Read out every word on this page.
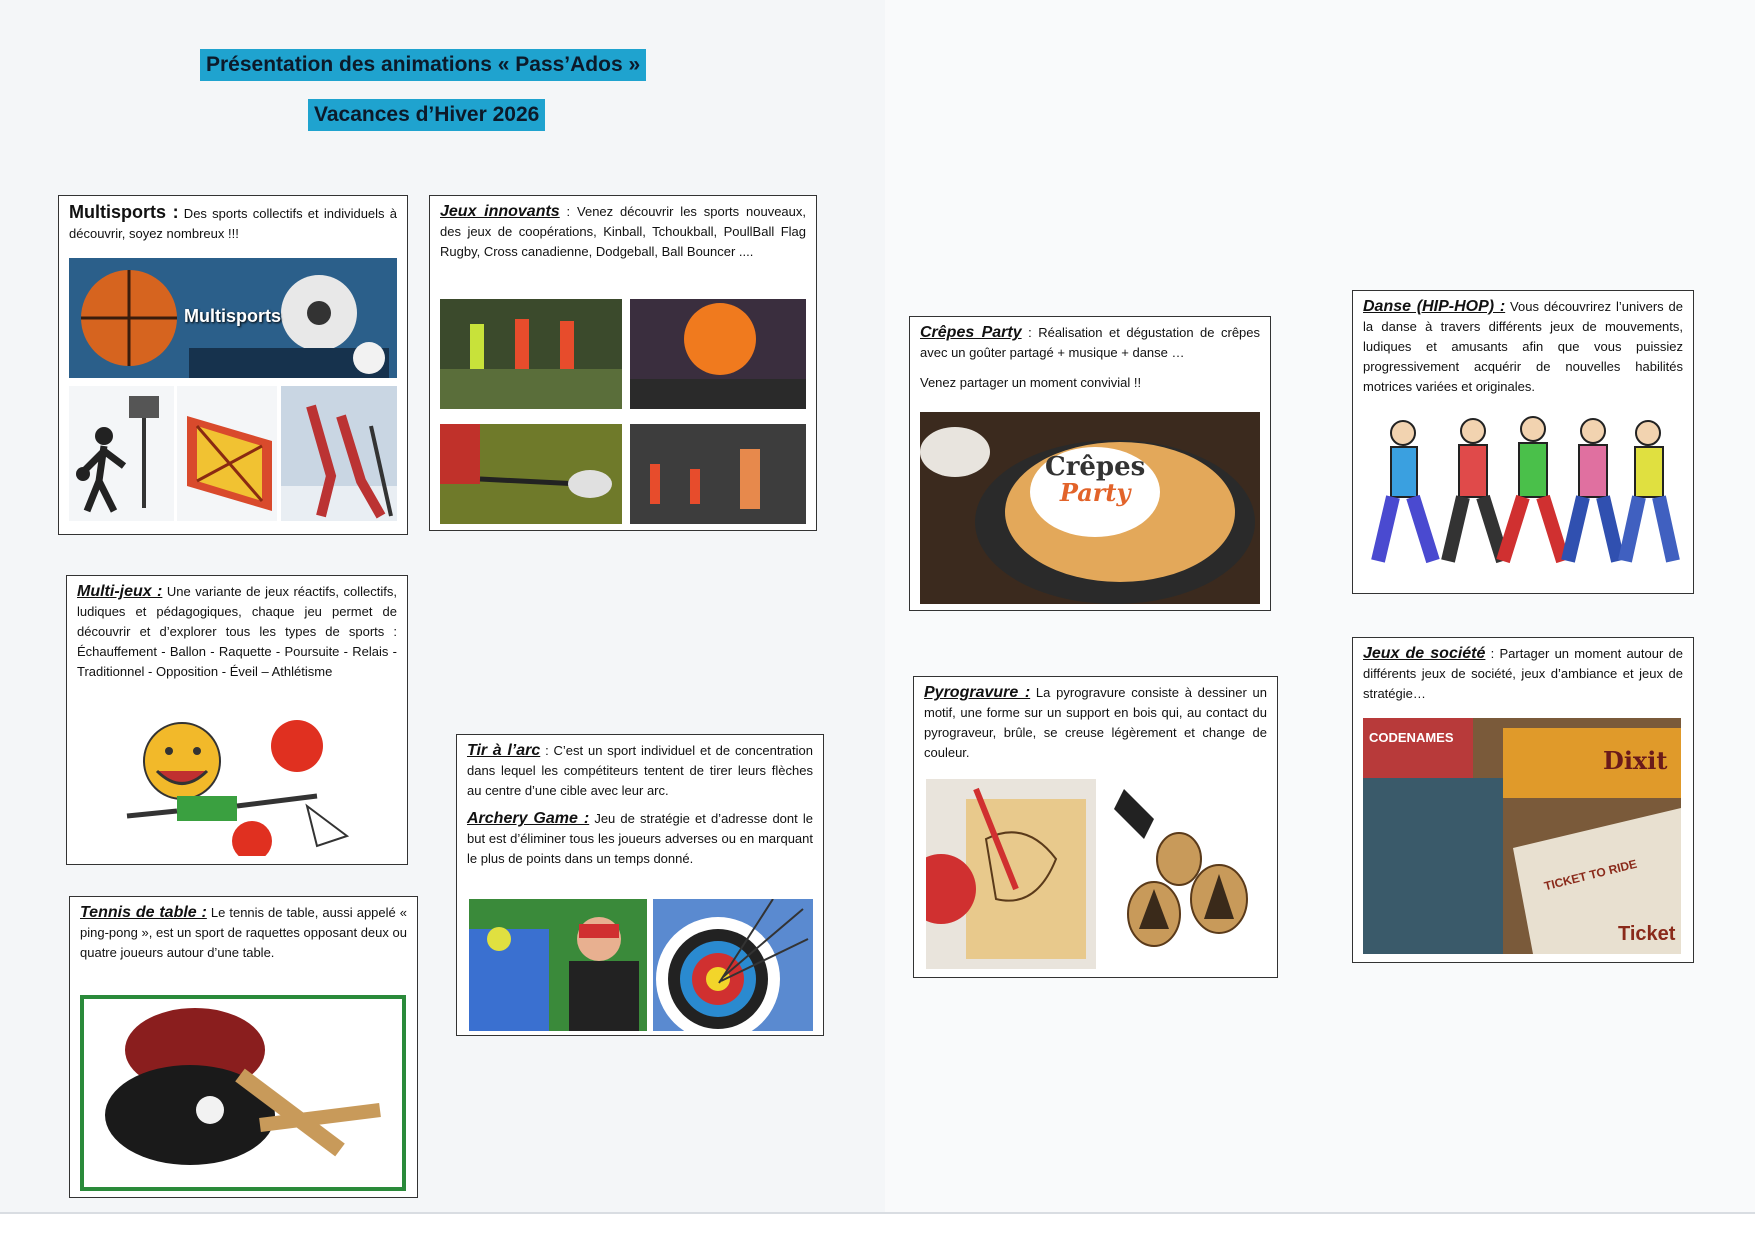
Présentation des animations « Pass’Ados »
Vacances d’Hiver 2026

Multisports : Des sports collectifs et individuels à découvrir, soyez nombreux !!!

Multisports

Jeux innovants : Venez découvrir les sports nouveaux, des jeux de coopérations, Kinball, Tchoukball, PoullBall Flag Rugby, Cross canadienne, Dodgeball, Ball Bouncer ....

Crêpes Party : Réalisation et dégustation de crêpes avec un goûter partagé + musique + danse …

Venez partager un moment convivial !!

Crêpes
Party

Danse (HIP-HOP) : Vous découvrirez l’univers de la danse à travers différents jeux de mouvements, ludiques et amusants afin que vous puissiez progressivement acquérir de nouvelles habilités motrices variées et originales.

Multi-jeux : Une variante de jeux réactifs, collectifs, ludiques et pédagogiques, chaque jeu permet de découvrir et d’explorer tous les types de sports : Échauffement - Ballon - Raquette - Poursuite - Relais - Traditionnel - Opposition - Éveil – Athlétisme

Pyrogravure : La pyrogravure consiste à dessiner un motif, une forme sur un support en bois qui, au contact du pyrograveur, brûle, se creuse légèrement et change de couleur.

Jeux de société : Partager un moment autour de différents jeux de société, jeux d’ambiance et jeux de stratégie…

CODENAMES
Dixit
TICKET TO RIDE
Ticket

Tir à l’arc : C’est un sport individuel et de concentration dans lequel les compétiteurs tentent de tirer leurs flèches au centre d’une cible avec leur arc.

Archery Game : Jeu de stratégie et d’adresse dont le but est d’éliminer tous les joueurs adverses ou en marquant le plus de points dans un temps donné.

Tennis de table : Le tennis de table, aussi appelé « ping-pong », est un sport de raquettes opposant deux ou quatre joueurs autour d’une table.
